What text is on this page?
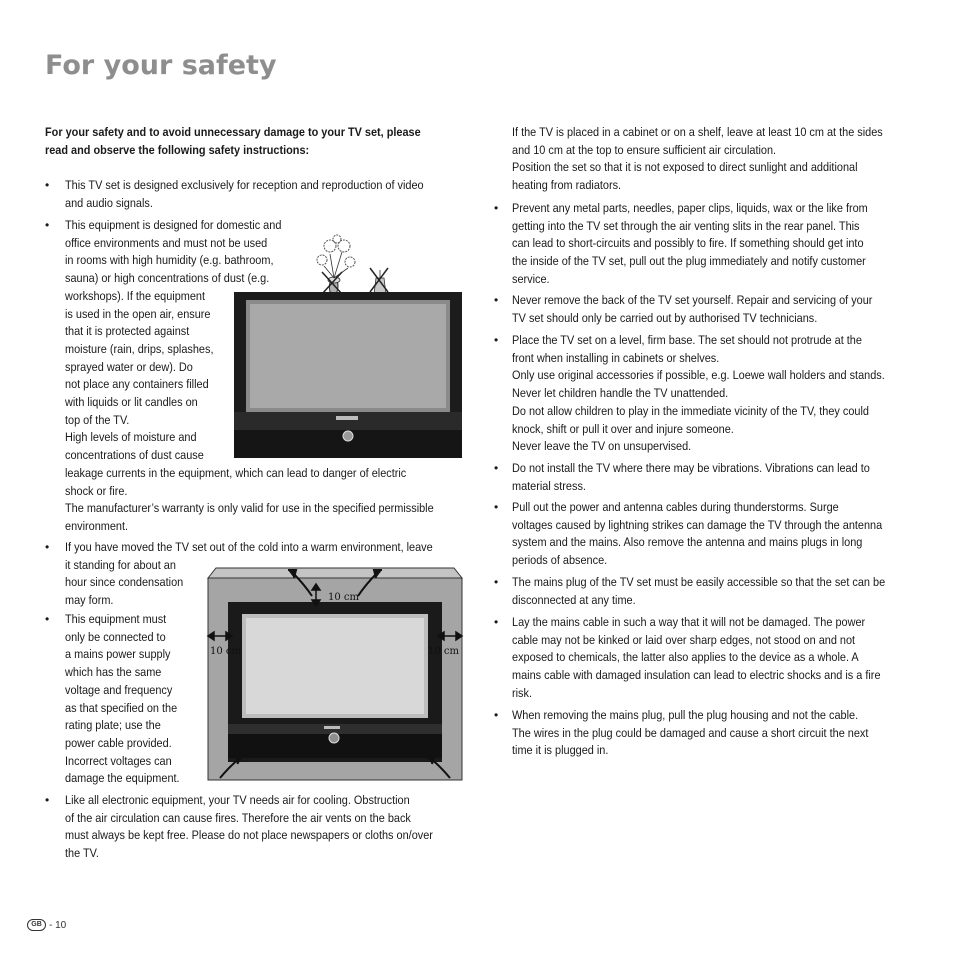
For your safety
For your safety and to avoid unnecessary damage to your TV set, please
read and observe the following safety instructions:
• This TV set is designed exclusively for reception and reproduction of video
and audio signals.
• This equipment is designed for domestic and
office environments and must not be used
in rooms with high humidity (e.g. bathroom,
sauna) or high concentrations of dust (e.g.
workshops). If the equipment
is used in the open air, ensure
that it is protected against
moisture (rain, drips, splashes,
sprayed water or dew). Do
not place any containers filled
with liquids or lit candles on
top of the TV.
High levels of moisture and
concentrations of dust cause
leakage currents in the equipment, which can lead to danger of electric
shock or fire.
The manufacturer’s warranty is only valid for use in the specified permissible
environment.
• If you have moved the TV set out of the cold into a warm environment, leave
it standing for about an
hour since condensation
may form.
• This equipment must
only be connected to
a mains power supply
which has the same
voltage and frequency
as that specified on the
rating plate; use the
power cable provided.
Incorrect voltages can
damage the equipment.
• Like all electronic equipment, your TV needs air for cooling. Obstruction
of the air circulation can cause fires. Therefore the air vents on the back
must always be kept free. Please do not place newspapers or cloths on/over
the TV.
If the TV is placed in a cabinet or on a shelf, leave at least 10 cm at the sides
and 10 cm at the top to ensure sufficient air circulation.
Position the set so that it is not exposed to direct sunlight and additional
heating from radiators.
• Prevent any metal parts, needles, paper clips, liquids, wax or the like from
getting into the TV set through the air venting slits in the rear panel. This
can lead to short-circuits and possibly to fire. If something should get into
the inside of the TV set, pull out the plug immediately and notify customer
service.
• Never remove the back of the TV set yourself. Repair and servicing of your
TV set should only be carried out by authorised TV technicians.
• Place the TV set on a level, firm base. The set should not protrude at the
front when installing in cabinets or shelves.
Only use original accessories if possible, e.g. Loewe wall holders and stands.
Never let children handle the TV unattended.
Do not allow children to play in the immediate vicinity of the TV, they could
knock, shift or pull it over and injure someone.
Never leave the TV on unsupervised.
• Do not install the TV where there may be vibrations. Vibrations can lead to
material stress.
• Pull out the power and antenna cables during thunderstorms. Surge
voltages caused by lightning strikes can damage the TV through the antenna
system and the mains. Also remove the antenna and mains plugs in long
periods of absence.
• The mains plug of the TV set must be easily accessible so that the set can be
disconnected at any time.
• Lay the mains cable in such a way that it will not be damaged. The power
cable may not be kinked or laid over sharp edges, not stood on and not
exposed to chemicals, the latter also applies to the device as a whole. A
mains cable with damaged insulation can lead to electric shocks and is a fire
risk.
• When removing the mains plug, pull the plug housing and not the cable.
The wires in the plug could be damaged and cause a short circuit the next
time it is plugged in.
10 cm
10 cm	10 cm
GB - 10
